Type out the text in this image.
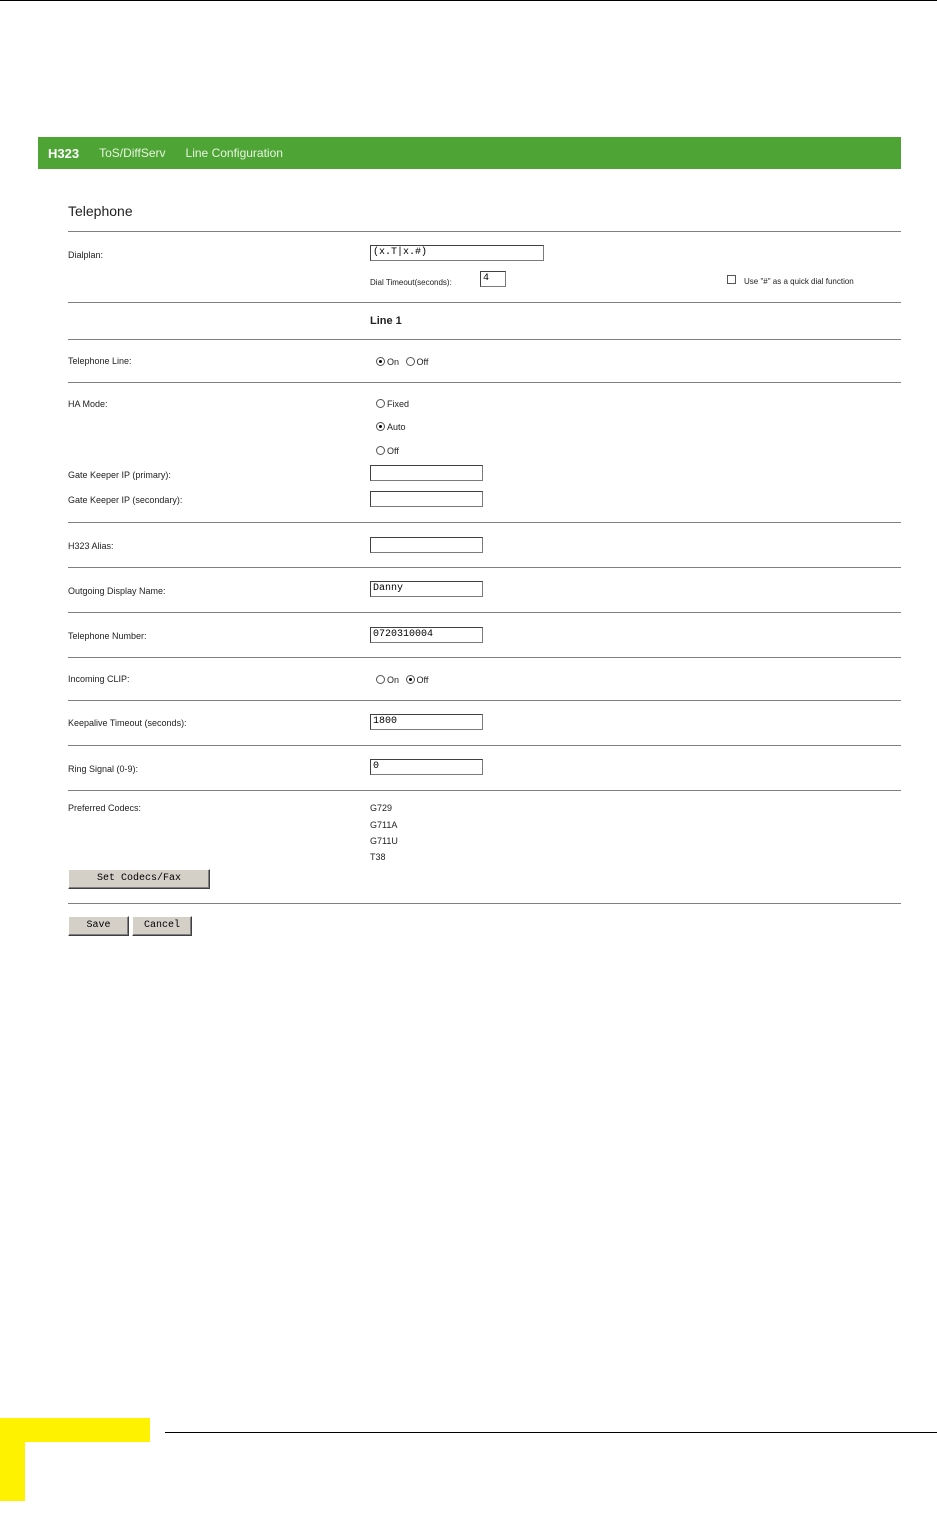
H323 ToS/DiffServ Line Configuration
Telephone
Dialplan:	(x.T|x.#)
Dial Timeout(seconds):	4	Use "#" as a quick dial function
Line 1
Telephone Line:	On Off
HA Mode:	Fixed
Auto
Off
Gate Keeper IP (primary):
Gate Keeper IP (secondary):
H323 Alias:
Outgoing Display Name:	Danny
Telephone Number:	0720310004
Incoming CLIP:	On Off
Keepalive Timeout (seconds):	1800
Ring Signal (0-9):	0
Preferred Codecs:	G729
G711A
G711U
T38
Set Codecs/Fax
Save	Cancel
